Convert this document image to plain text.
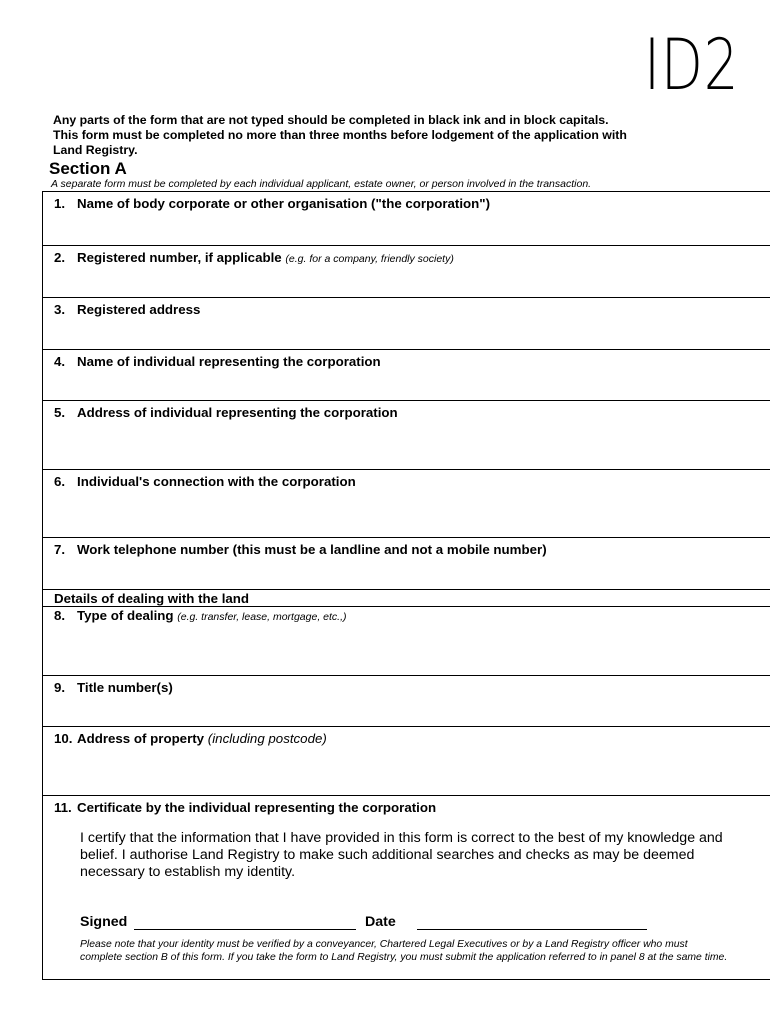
ID2
Any parts of the form that are not typed should be completed in black ink and in block capitals.
This form must be completed no more than three months before lodgement of the application with
Land Registry.
Section A
A separate form must be completed by each individual applicant, estate owner, or person involved in the transaction.
1. Name of body corporate or other organisation ("the corporation")
2. Registered number, if applicable (e.g. for a company, friendly society)
3. Registered address
4. Name of individual representing the corporation
5. Address of individual representing the corporation
6. Individual's connection with the corporation
7. Work telephone number (this must be a landline and not a mobile number)
Details of dealing with the land
8. Type of dealing (e.g. transfer, lease, mortgage, etc.,)
9. Title number(s)
10. Address of property (including postcode)
11. Certificate by the individual representing the corporation
I certify that the information that I have provided in this form is correct to the best of my knowledge and belief. I authorise Land Registry to make such additional searches and checks as may be deemed necessary to establish my identity.
Signed	Date
Please note that your identity must be verified by a conveyancer, Chartered Legal Executives or by a Land Registry officer who must complete section B of this form. If you take the form to Land Registry, you must submit the application referred to in panel 8 at the same time.
